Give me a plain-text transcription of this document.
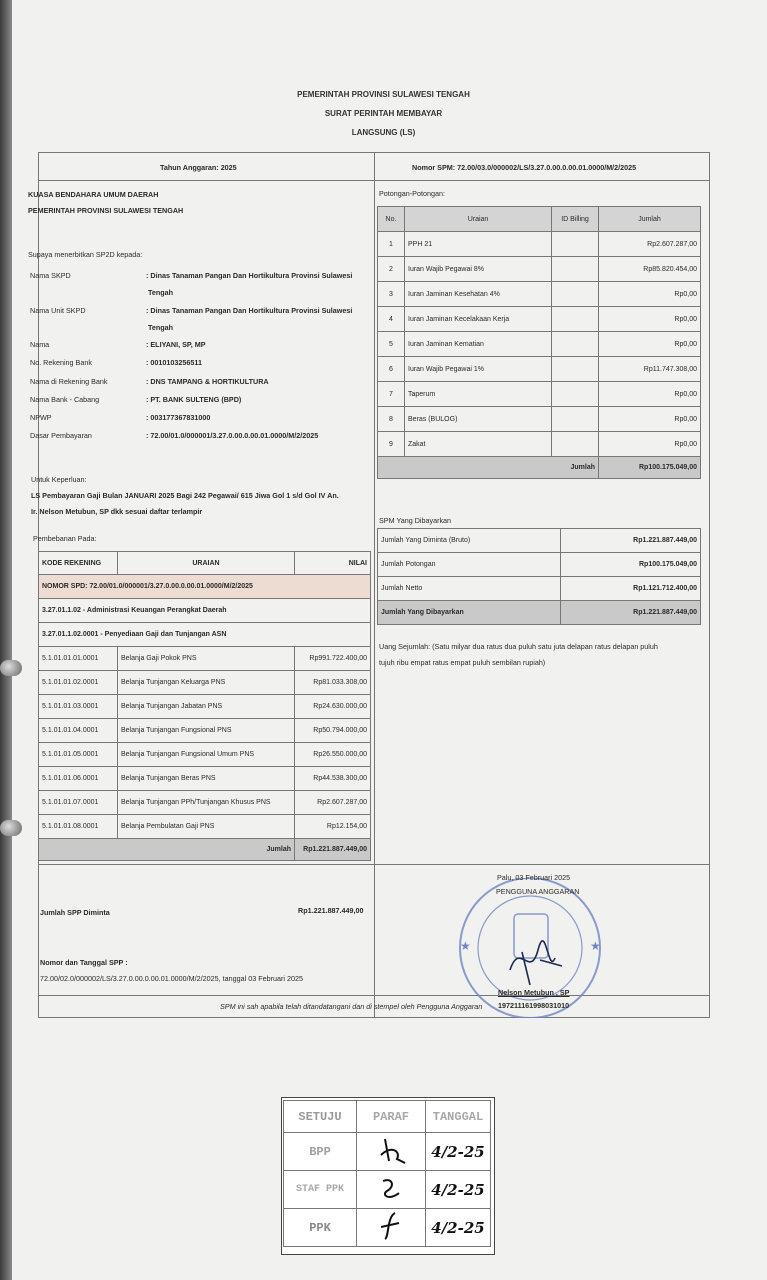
PEMERINTAH PROVINSI SULAWESI TENGAH
SURAT PERINTAH MEMBAYAR
LANGSUNG (LS)
Tahun Anggaran: 2025	Nomor SPM: 72.00/03.0/000002/LS/3.27.0.00.0.00.01.0000/M/2/2025
KUASA BENDAHARA UMUM DAERAH
PEMERINTAH PROVINSI SULAWESI TENGAH
Supaya menerbitkan SP2D kepada:
Nama SKPD	: Dinas Tanaman Pangan Dan Hortikultura Provinsi Sulawesi
Tengah
Nama Unit SKPD	: Dinas Tanaman Pangan Dan Hortikultura Provinsi Sulawesi
Tengah
Nama	: ELIYANI, SP, MP
No. Rekening Bank	: 0010103256511
Nama di Rekening Bank	: DNS TAMPANG & HORTIKULTURA
Nama Bank - Cabang	: PT. BANK SULTENG (BPD)
NPWP	: 003177367831000
Dasar Pembayaran	: 72.00/01.0/000001/3.27.0.00.0.00.01.0000/M/2/2025
Untuk Keperluan:
LS Pembayaran Gaji Bulan JANUARI 2025 Bagi 242 Pegawai/ 615 Jiwa Gol 1 s/d Gol IV An.
Ir. Nelson Metubun, SP dkk sesuai daftar terlampir
Pembebanan Pada:
KODE REKENING	URAIAN	NILAI
NOMOR SPD: 72.00/01.0/000001/3.27.0.00.0.00.01.0000/M/2/2025		
3.27.01.1.02 - Administrasi Keuangan Perangkat Daerah		
3.27.01.1.02.0001 - Penyediaan Gaji dan Tunjangan ASN		
5.1.01.01.01.0001	Belanja Gaji Pokok PNS	Rp991.722.400,00
5.1.01.01.02.0001	Belanja Tunjangan Keluarga PNS	Rp81.033.308,00
5.1.01.01.03.0001	Belanja Tunjangan Jabatan PNS	Rp24.630.000,00
5.1.01.01.04.0001	Belanja Tunjangan Fungsional PNS	Rp50.794.000,00
5.1.01.01.05.0001	Belanja Tunjangan Fungsional Umum PNS	Rp26.550.000,00
5.1.01.01.06.0001	Belanja Tunjangan Beras PNS	Rp44.538.300,00
5.1.01.01.07.0001	Belanja Tunjangan PPh/Tunjangan Khusus PNS	Rp2.607.287,00
5.1.01.01.08.0001	Belanja Pembulatan Gaji PNS	Rp12.154,00
Jumlah		Rp1.221.887.449,00
Jumlah SPP Diminta	Rp1.221.887.449,00
Nomor dan Tanggal SPP :
72.00/02.0/000002/LS/3.27.0.00.0.00.01.0000/M/2/2025, tanggal 03 Februari 2025
Potongan-Potongan:
No.	Uraian	ID Billing	Jumlah
1	PPH 21		Rp2.607.287,00
2	Iuran Wajib Pegawai 8%		Rp85.820.454,00
3	Iuran Jaminan Kesehatan 4%		Rp0,00
4	Iuran Jaminan Kecelakaan Kerja		Rp0,00
5	Iuran Jaminan Kematian		Rp0,00
6	Iuran Wajib Pegawai 1%		Rp11.747.308,00
7	Taperum		Rp0,00
8	Beras (BULOG)		Rp0,00
9	Zakat		Rp0,00
Jumlah			Rp100.175.049,00
SPM Yang Dibayarkan
Jumlah Yang Diminta (Bruto)	Rp1.221.887.449,00
Jumlah Potongan	Rp100.175.049,00
Jumlah Netto	Rp1.121.712.400,00
Jumlah Yang Dibayarkan	Rp1.221.887.449,00
Uang Sejumlah: (Satu milyar dua ratus dua puluh satu juta delapan ratus delapan puluh
tujuh ribu empat ratus empat puluh sembilan rupiah)
★	★
Palu, 03 Februari 2025
PENGGUNA ANGGARAN
Nelson Metubun , SP
197211161998031010
SPM ini sah apabila telah ditandatangani dan di stempel oleh Pengguna Anggaran
SETUJU	PARAF	TANGGAL
BPP		4/2-25
STAF PPK		4/2-25
PPK		4/2-25
